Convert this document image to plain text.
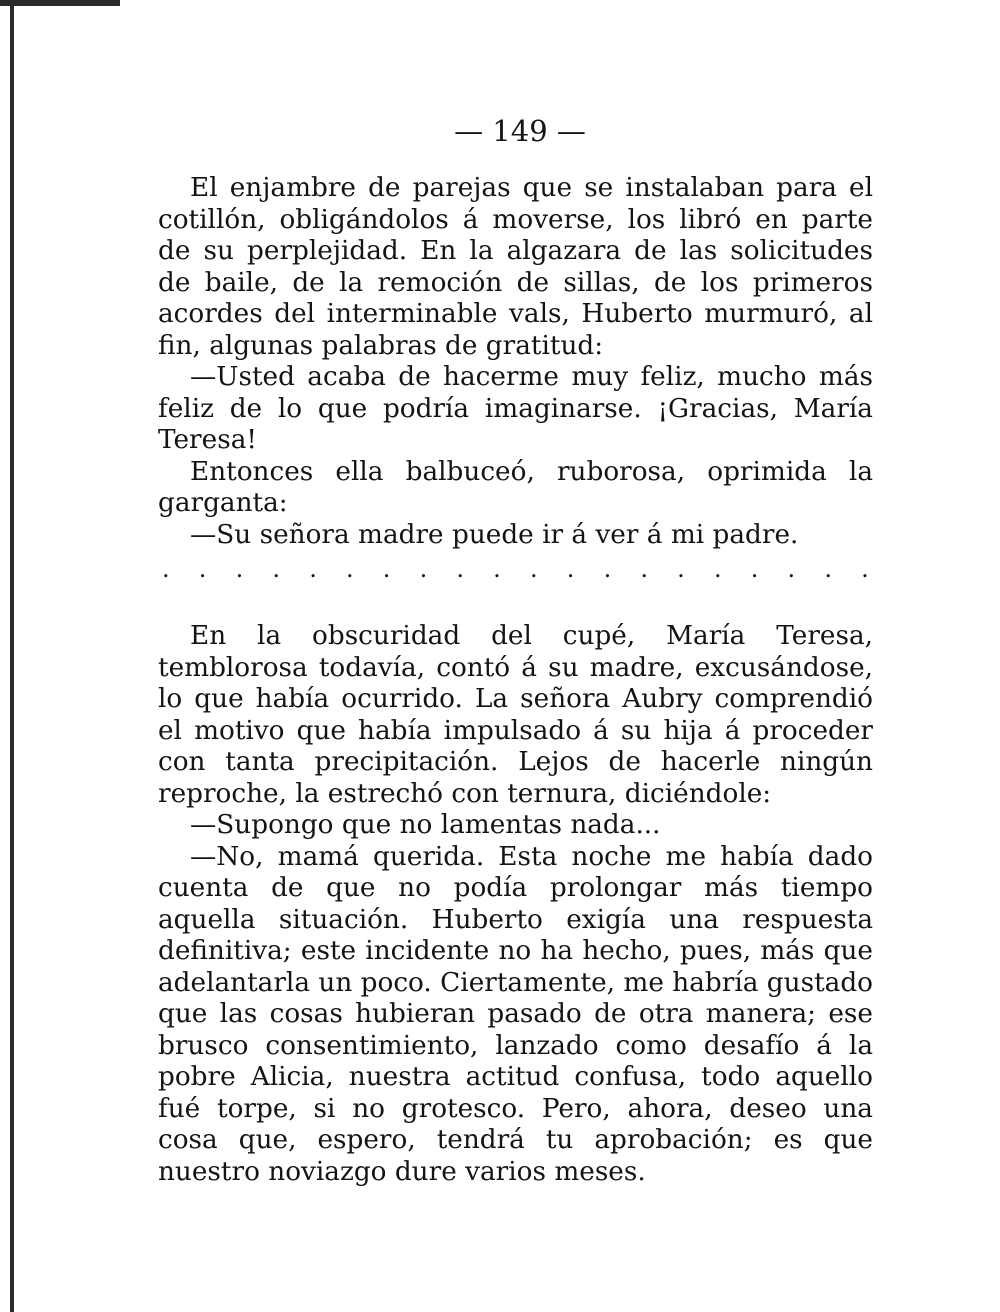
— 149 —

El enjambre de parejas que se instalaban para el cotillón, obligándolos á moverse, los libró en parte de su perplejidad. En la algazara de las solicitudes de baile, de la remoción de sillas, de los primeros acordes del interminable vals, Huberto murmuró, al fin, algunas palabras de gratitud:

—Usted acaba de hacerme muy feliz, mucho más feliz de lo que podría imaginarse. ¡Gracias, María Teresa!

Entonces ella balbuceó, ruborosa, oprimida la garganta:

—Su señora madre puede ir á ver á mi padre.

. . . . . . . . . . . . . . . . . . . .

En la obscuridad del cupé, María Teresa, temblorosa todavía, contó á su madre, excusándose, lo que había ocurrido. La señora Aubry comprendió el motivo que había impulsado á su hija á proceder con tanta precipitación. Lejos de hacerle ningún reproche, la estrechó con ternura, diciéndole:

—Supongo que no lamentas nada...

—No, mamá querida. Esta noche me había dado cuenta de que no podía prolongar más tiempo aquella situación. Huberto exigía una respuesta definitiva; este incidente no ha hecho, pues, más que adelantarla un poco. Ciertamente, me habría gustado que las cosas hubieran pasado de otra manera; ese brusco consentimiento, lanzado como desafío á la pobre Alicia, nuestra actitud confusa, todo aquello fué torpe, si no grotesco. Pero, ahora, deseo una cosa que, espero, tendrá tu aprobación; es que nuestro noviazgo dure varios meses.
